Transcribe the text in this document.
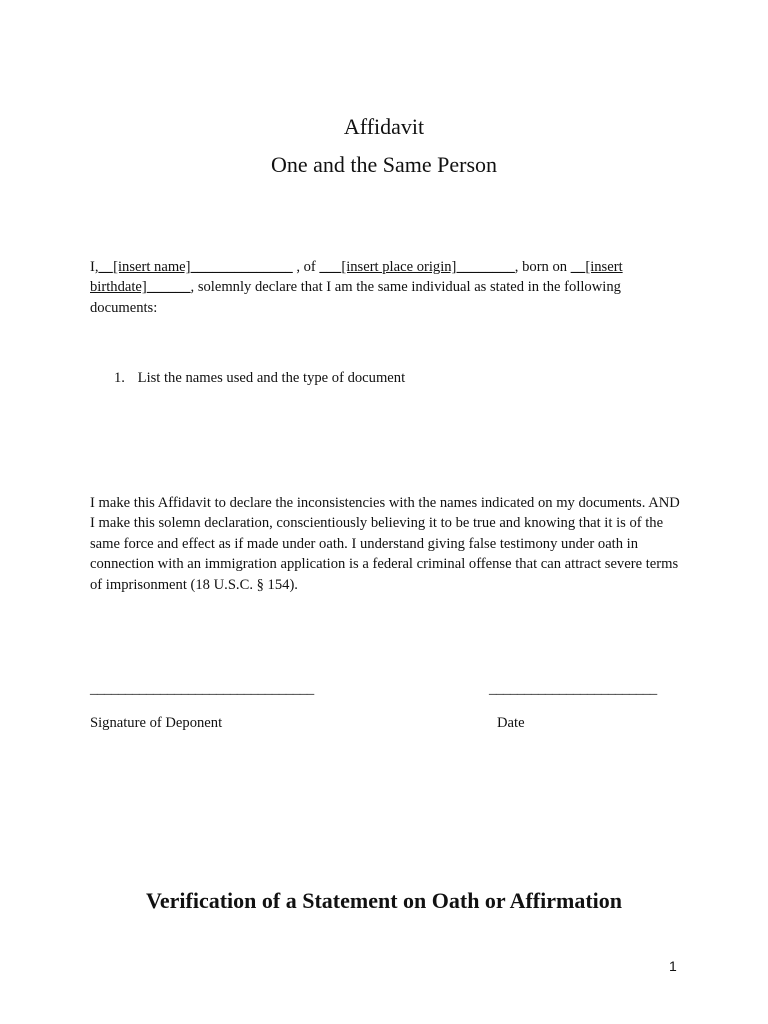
Affidavit
One and the Same Person
I,__[insert name]______________ , of ___[insert place origin]________, born on __[insert birthdate]______, solemnly declare that I am the same individual as stated in the following documents:
1. List the names used and the type of document
I make this Affidavit to declare the inconsistencies with the names indicated on my documents. AND I make this solemn declaration, conscientiously believing it to be true and knowing that it is of the same force and effect as if made under oath. I understand giving false testimony under oath in connection with an immigration application is a federal criminal offense that can attract severe terms of imprisonment (18 U.S.C. § 154).
________________________________	________________________
Signature of Deponent	Date
Verification of a Statement on Oath or Affirmation
1
